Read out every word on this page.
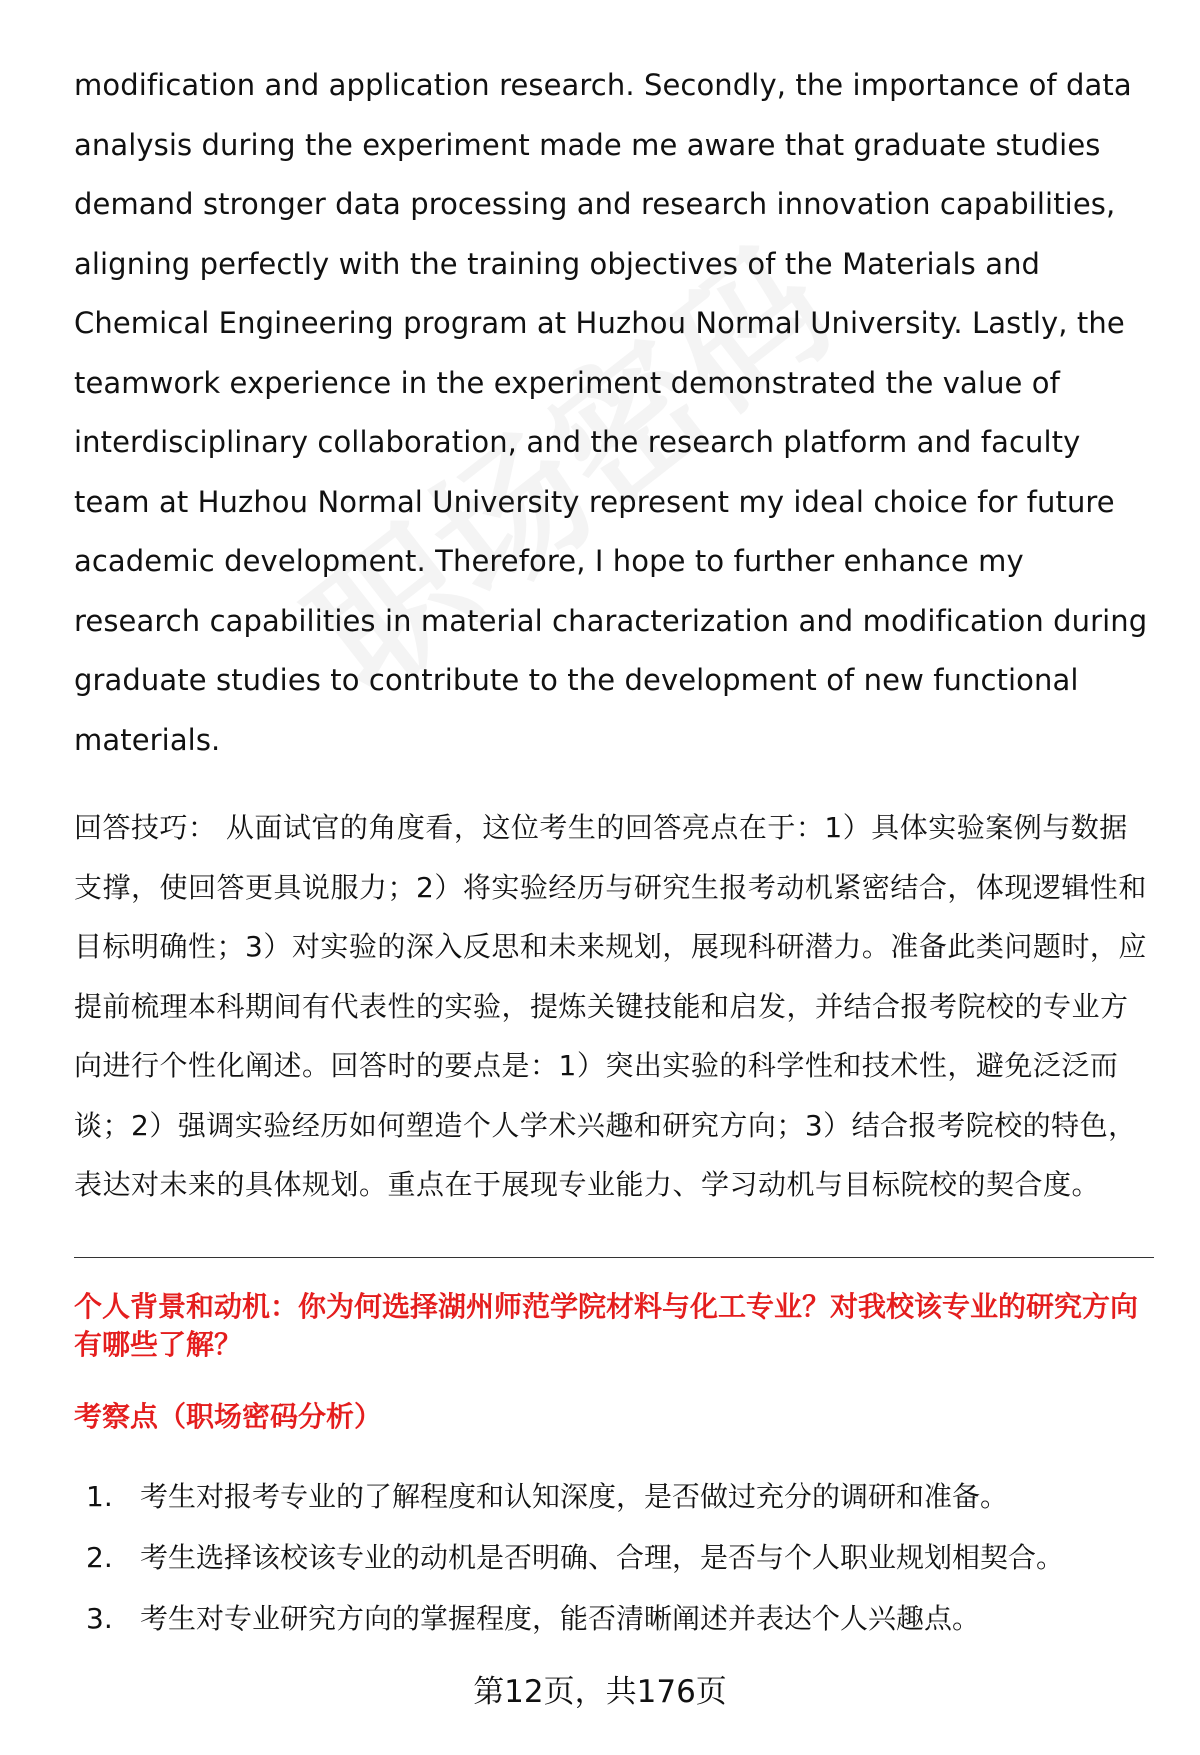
modification and application research. Secondly, the importance of data analysis during the experiment made me aware that graduate studies demand stronger data processing and research innovation capabilities, aligning perfectly with the training objectives of the Materials and Chemical Engineering program at Huzhou Normal University. Lastly, the teamwork experience in the experiment demonstrated the value of interdisciplinary collaboration, and the research platform and faculty team at Huzhou Normal University represent my ideal choice for future academic development. Therefore, I hope to further enhance my research capabilities in material characterization and modification during graduate studies to contribute to the development of new functional materials.

回答技巧： 从面试官的角度看，这位考生的回答亮点在于：1）具体实验案例与数据支撑，使回答更具说服力；2）将实验经历与研究生报考动机紧密结合，体现逻辑性和目标明确性；3）对实验的深入反思和未来规划，展现科研潜力。准备此类问题时，应提前梳理本科期间有代表性的实验，提炼关键技能和启发，并结合报考院校的专业方向进行个性化阐述。回答时的要点是：1）突出实验的科学性和技术性，避免泛泛而谈；2）强调实验经历如何塑造个人学术兴趣和研究方向；3）结合报考院校的特色，表达对未来的具体规划。重点在于展现专业能力、学习动机与目标院校的契合度。

个人背景和动机：你为何选择湖州师范学院材料与化工专业？对我校该专业的研究方向有哪些了解？
考察点（职场密码分析）
1. 考生对报考专业的了解程度和认知深度，是否做过充分的调研和准备。
2. 考生选择该校该专业的动机是否明确、合理，是否与个人职业规划相契合。
3. 考生对专业研究方向的掌握程度，能否清晰阐述并表达个人兴趣点。
第12页，共176页
